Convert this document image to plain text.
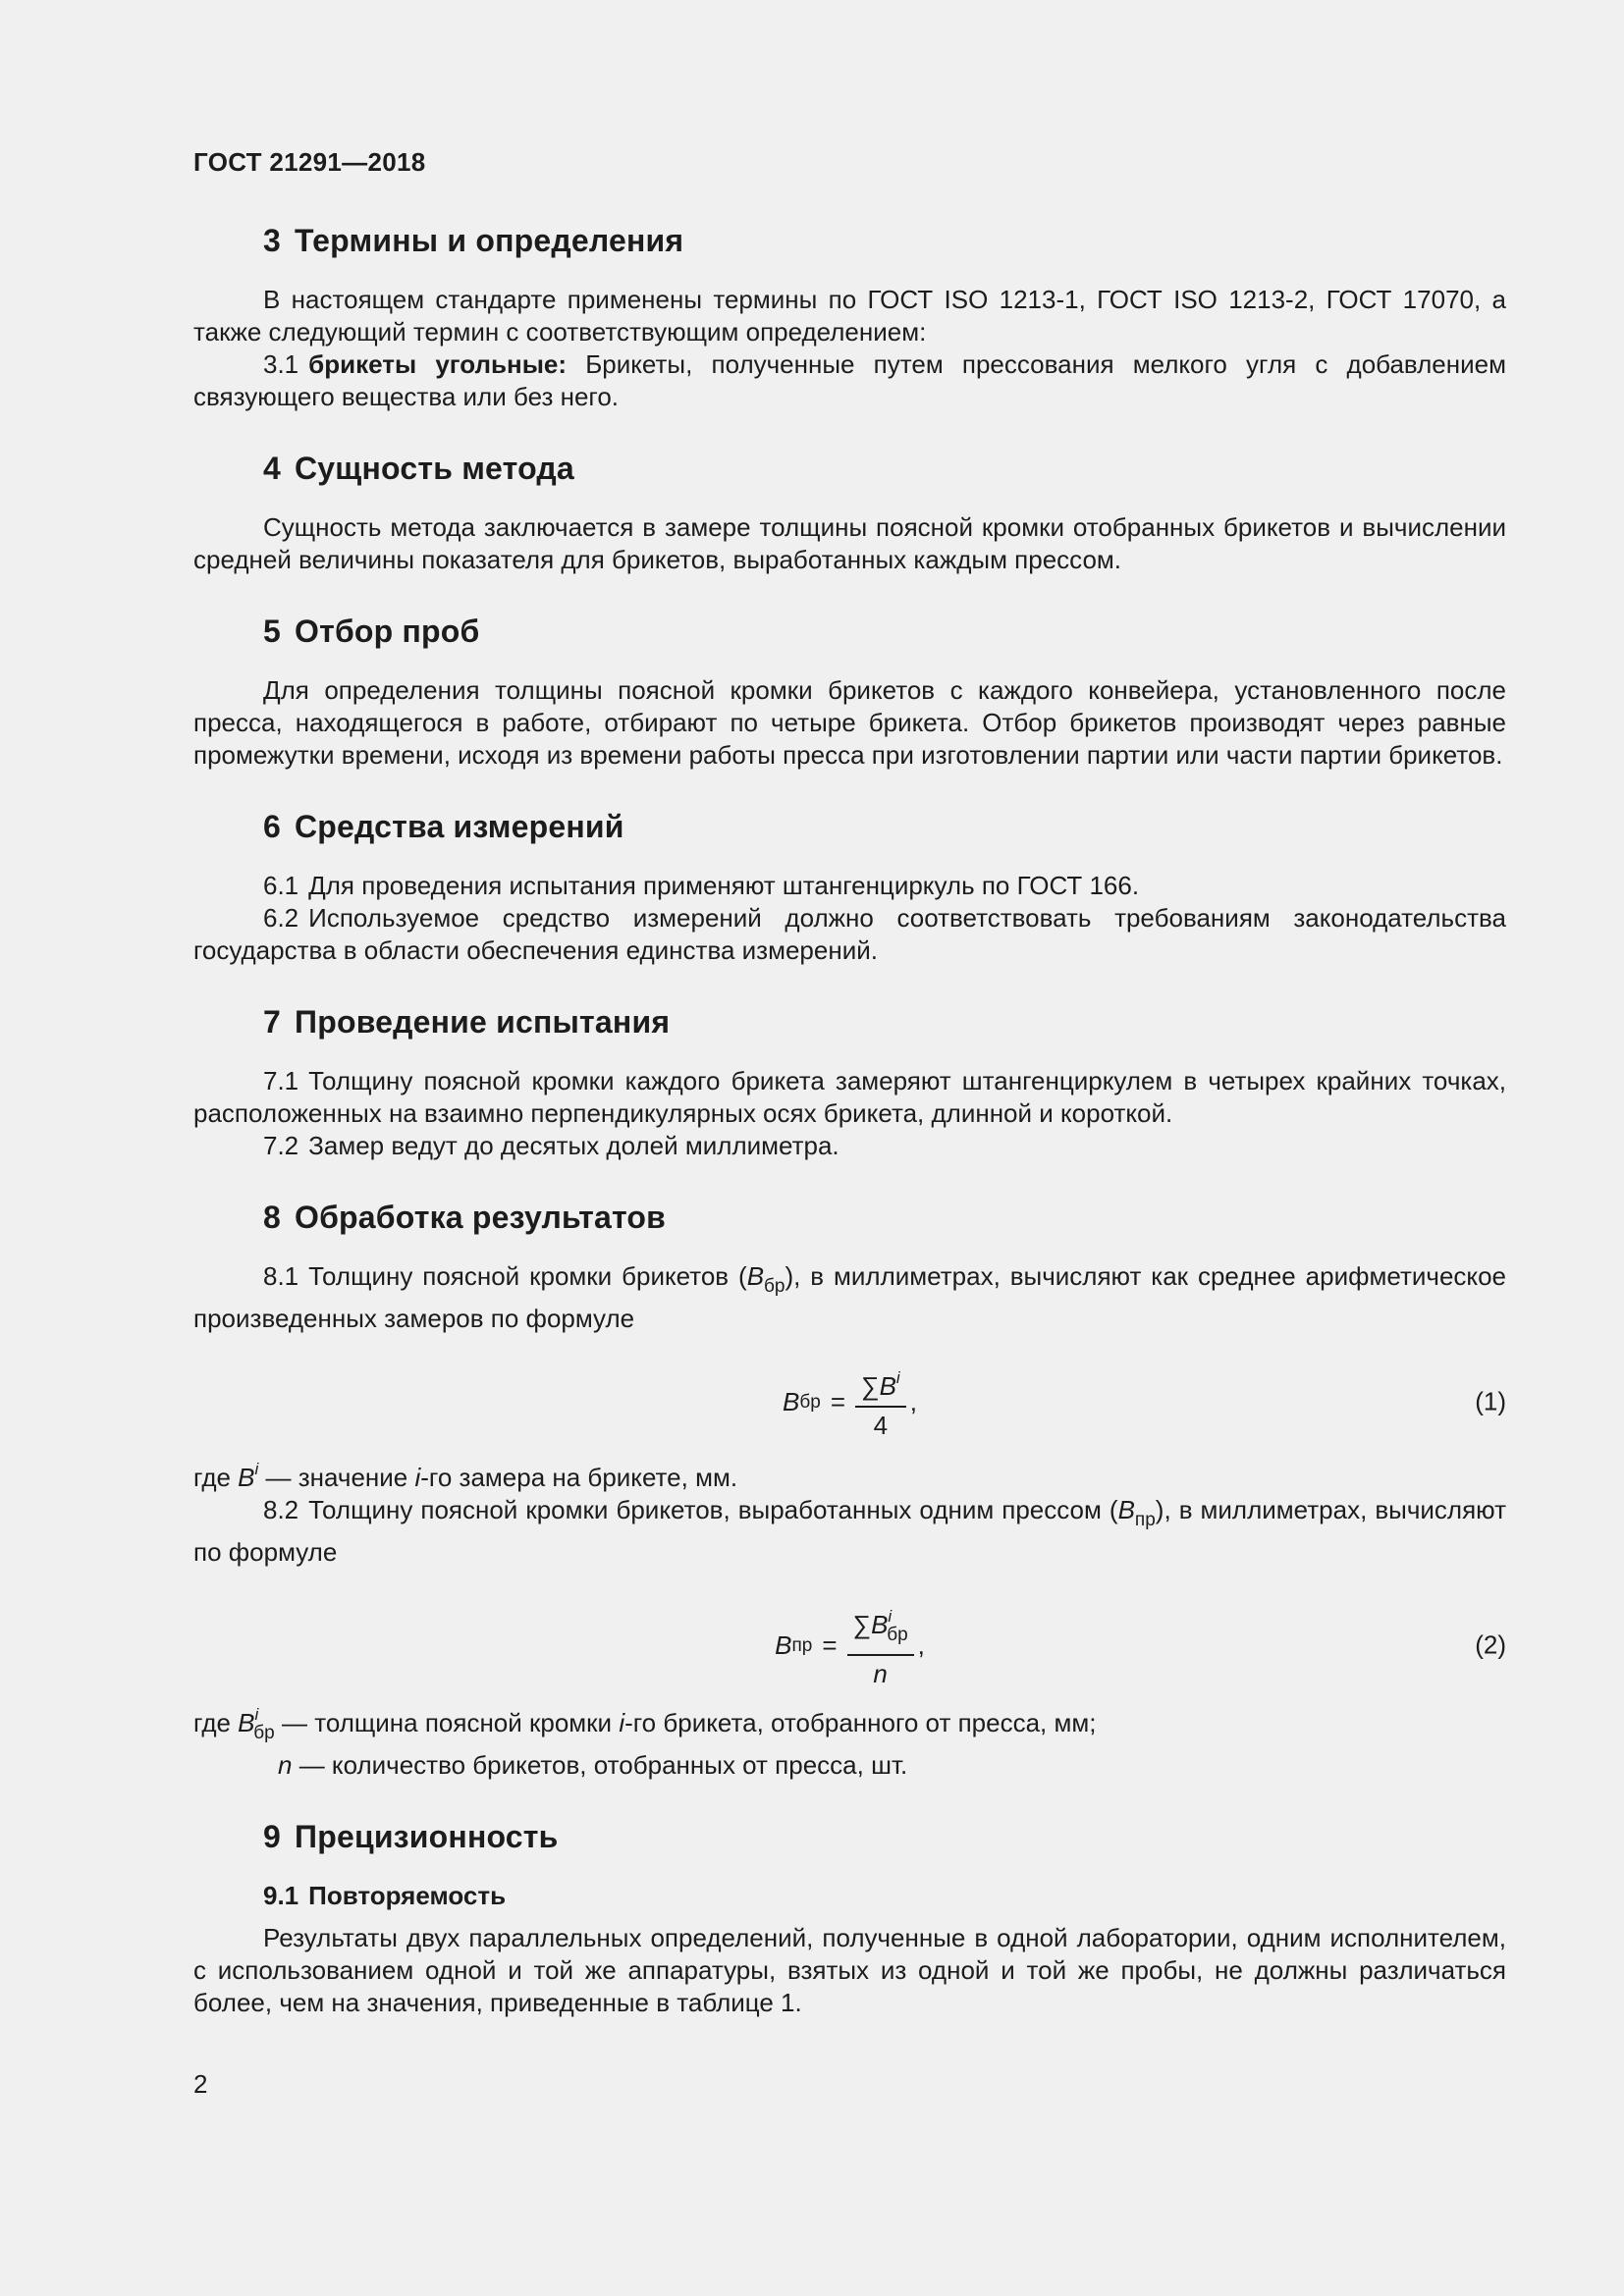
ГОСТ 21291—2018
3 Термины и определения

В настоящем стандарте применены термины по ГОСТ ISO 1213-1, ГОСТ ISO 1213-2, ГОСТ 17070, а также следующий термин с соответствующим определением:

3.1 брикеты угольные: Брикеты, полученные путем прессования мелкого угля с добавлением связующего вещества или без него.

4 Сущность метода

Сущность метода заключается в замере толщины поясной кромки отобранных брикетов и вычислении средней величины показателя для брикетов, выработанных каждым прессом.

5 Отбор проб

Для определения толщины поясной кромки брикетов с каждого конвейера, установленного после пресса, находящегося в работе, отбирают по четыре брикета. Отбор брикетов производят через равные промежутки времени, исходя из времени работы пресса при изготовлении партии или части партии брикетов.

6 Средства измерений

6.1 Для проведения испытания применяют штангенциркуль по ГОСТ 166.

6.2 Используемое средство измерений должно соответствовать требованиям законодательства государства в области обеспечения единства измерений.

7 Проведение испытания

7.1 Толщину поясной кромки каждого брикета замеряют штангенциркулем в четырех крайних точках, расположенных на взаимно перпендикулярных осях брикета, длинной и короткой.

7.2 Замер ведут до десятых долей миллиметра.

8 Обработка результатов

8.1 Толщину поясной кромки брикетов $(B_{бр})$, в миллиметрах, вычисляют как среднее арифметическое произведенных замеров по формуле

B бр = $\frac{\sum B^i}{4}$ ,	(1)

где $B^i$ — значение i-го замера на брикете, мм.

8.2 Толщину поясной кромки брикетов, выработанных одним прессом $(B_{пр})$, в миллиметрах, вычисляют по формуле

B пр = $\frac{\sum B^i_{бр}}{n}$ ,	(2)

где $B^i_{бр}$ — толщина поясной кромки i-го брикета, отобранного от пресса, мм;

n — количество брикетов, отобранных от пресса, шт.

9 Прецизионность
9.1 Повторяемость

Результаты двух параллельных определений, полученные в одной лаборатории, одним исполнителем, с использованием одной и той же аппаратуры, взятых из одной и той же пробы, не должны различаться более, чем на значения, приведенные в таблице 1.

2
